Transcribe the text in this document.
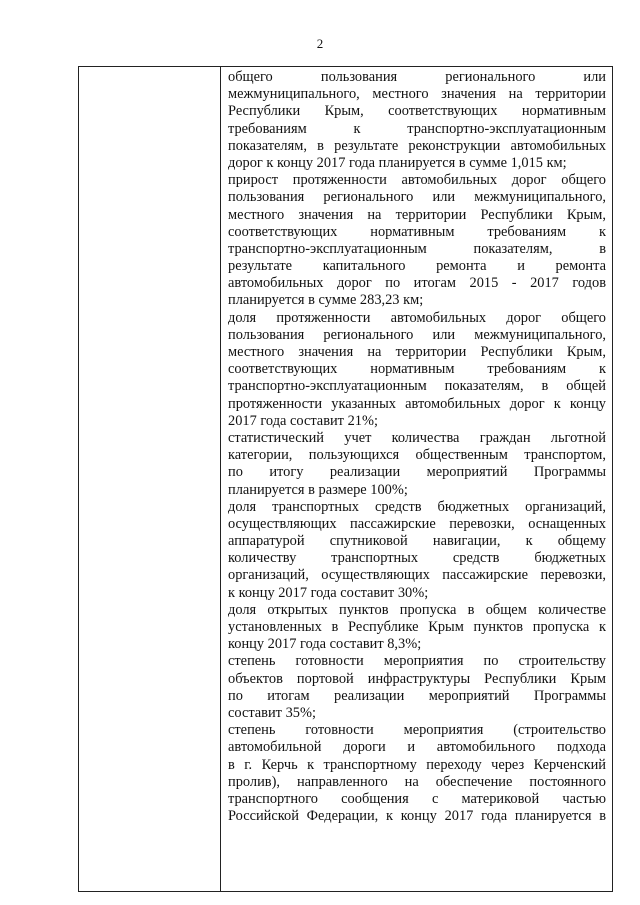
2

общего пользования регионального или
межмуниципального, местного значения на территории
Республики Крым, соответствующих нормативным
требованиям к транспортно-эксплуатационным
показателям, в результате реконструкции автомобильных
дорог к концу 2017 года планируется в сумме 1,015 км;
прирост протяженности автомобильных дорог общего
пользования регионального или межмуниципального,
местного значения на территории Республики Крым,
соответствующих нормативным требованиям к
транспортно-эксплуатационным показателям, в
результате капитального ремонта и ремонта
автомобильных дорог по итогам 2015 - 2017 годов
планируется в сумме 283,23 км;
доля протяженности автомобильных дорог общего
пользования регионального или межмуниципального,
местного значения на территории Республики Крым,
соответствующих нормативным требованиям к
транспортно-эксплуатационным показателям, в общей
протяженности указанных автомобильных дорог к концу
2017 года составит 21%;
статистический учет количества граждан льготной
категории, пользующихся общественным транспортом,
по итогу реализации мероприятий Программы
планируется в размере 100%;
доля транспортных средств бюджетных организаций,
осуществляющих пассажирские перевозки, оснащенных
аппаратурой спутниковой навигации, к общему
количеству транспортных средств бюджетных
организаций, осуществляющих пассажирские перевозки,
к концу 2017 года составит 30%;
доля открытых пунктов пропуска в общем количестве
установленных в Республике Крым пунктов пропуска к
концу 2017 года составит 8,3%;
степень готовности мероприятия по строительству
объектов портовой инфраструктуры Республики Крым
по итогам реализации мероприятий Программы
составит 35%;
степень готовности мероприятия (строительство
автомобильной дороги и автомобильного подхода
в г. Керчь к транспортному переходу через Керченский
пролив), направленного на обеспечение постоянного
транспортного сообщения с материковой частью
Российской Федерации, к концу 2017 года планируется в
